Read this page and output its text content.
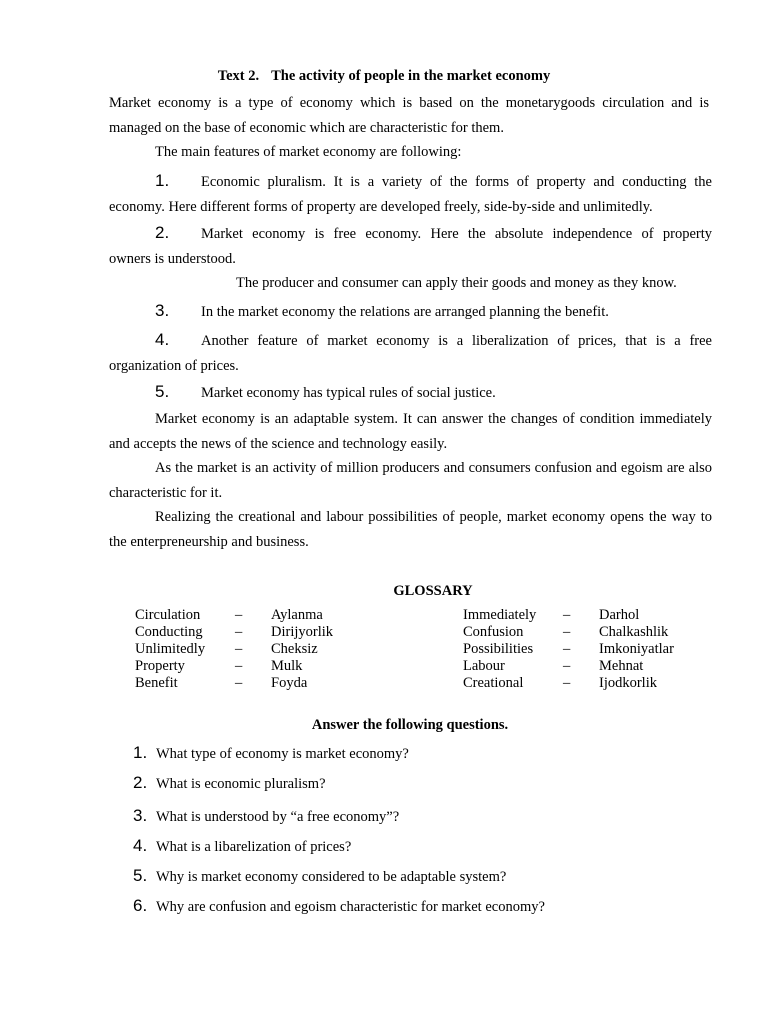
Text 2. The activity of people in the market economy
Market economy is a type of economy which is based on the monetarygoods circulation and is managed on the base of economic which are characteristic for them.
The main features of market economy are following:
1.	Economic pluralism. It is a variety of the forms of property and conducting the
economy. Here different forms of property are developed freely, side-by-side and unlimitedly.
2.	Market economy is free economy. Here the absolute independence of property
owners is understood.
The producer and consumer can apply their goods and money as they know.
3.	In the market economy the relations are arranged planning the benefit.
4.	Another feature of market economy is a liberalization of prices, that is a free
organization of prices.
5.	Market economy has typical rules of social justice.
Market economy is an adaptable system. It can answer the changes of condition immediately and accepts the news of the science and technology easily.
As the market is an activity of million producers and consumers confusion and egoism are also characteristic for it.
Realizing the creational and labour possibilities of people, market economy opens the way to the enterpreneurship and business.
GLOSSARY
Circulation	–	Aylanma
Conducting	–	Dirijyorlik
Unlimitedly	–	Cheksiz
Property	–	Mulk
Benefit	–	Foyda
Immediately	–	Darhol
Confusion	–	Chalkashlik
Possibilities	–	Imkoniyatlar
Labour	–	Mehnat
Creational	–	Ijodkorlik
Answer the following questions.
1. What type of economy is market economy?
2. What is economic pluralism?
3. What is understood by “a free economy”?
4. What is a libarelization of prices?
5. Why is market economy considered to be adaptable system?
6. Why are confusion and egoism characteristic for market economy?
